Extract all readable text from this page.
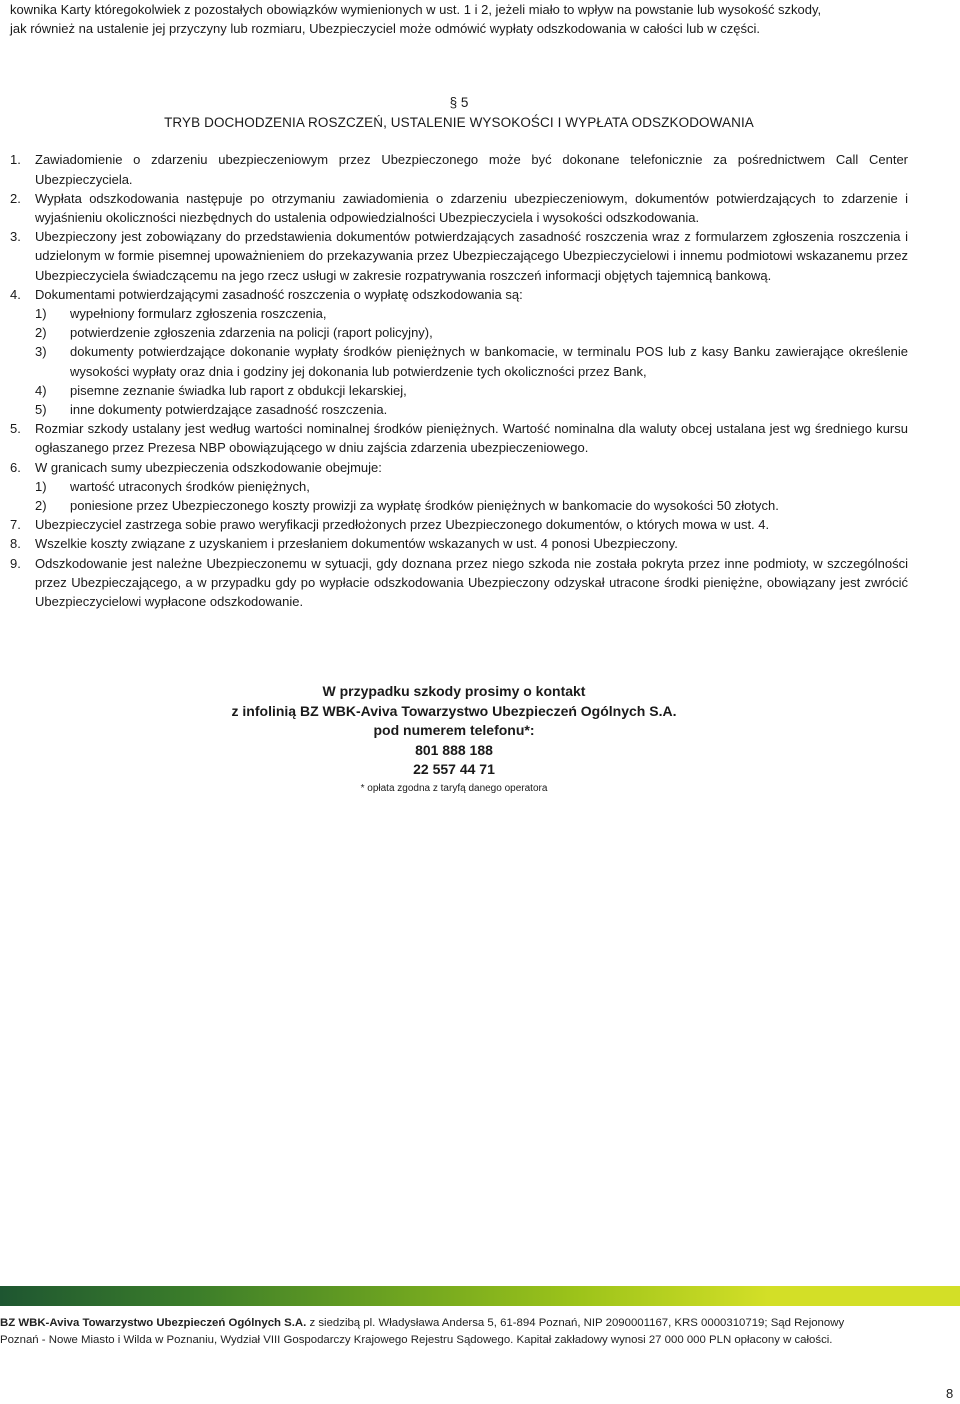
kownika Karty któregokolwiek z pozostałych obowiązków wymienionych w ust. 1 i 2, jeżeli miało to wpływ na powstanie lub wysokość szkody,

jak również na ustalenie jej przyczyny lub rozmiaru, Ubezpieczyciel może odmówić wypłaty odszkodowania w całości lub w części.

§ 5
TRYB DOCHODZENIA ROSZCZEŃ, USTALENIE WYSOKOŚCI I WYPŁATA ODSZKODOWANIA
1. Zawiadomienie o zdarzeniu ubezpieczeniowym przez Ubezpieczonego może być dokonane telefonicznie za pośrednictwem Call Center Ubezpieczyciela.
2. Wypłata odszkodowania następuje po otrzymaniu zawiadomienia o zdarzeniu ubezpieczeniowym, dokumentów potwierdzających to zdarzenie i wyjaśnieniu okoliczności niezbędnych do ustalenia odpowiedzialności Ubezpieczyciela i wysokości odszkodowania.
3. Ubezpieczony jest zobowiązany do przedstawienia dokumentów potwierdzających zasadność roszczenia wraz z formularzem zgłoszenia roszczenia i udzielonym w formie pisemnej upoważnieniem do przekazywania przez Ubezpieczającego Ubezpieczycielowi i innemu podmiotowi wskazanemu przez Ubezpieczyciela świadczącemu na jego rzecz usługi w zakresie rozpatrywania roszczeń informacji objętych tajemnicą bankową.
4. Dokumentami potwierdzającymi zasadność roszczenia o wypłatę odszkodowania są:
1) wypełniony formularz zgłoszenia roszczenia,
2) potwierdzenie zgłoszenia zdarzenia na policji (raport policyjny),
3) dokumenty potwierdzające dokonanie wypłaty środków pieniężnych w bankomacie, w terminalu POS lub z kasy Banku zawierające określenie wysokości wypłaty oraz dnia i godziny jej dokonania lub potwierdzenie tych okoliczności przez Bank,
4) pisemne zeznanie świadka lub raport z obdukcji lekarskiej,
5) inne dokumenty potwierdzające zasadność roszczenia.
5. Rozmiar szkody ustalany jest według wartości nominalnej środków pieniężnych. Wartość nominalna dla waluty obcej ustalana jest wg średniego kursu ogłaszanego przez Prezesa NBP obowiązującego w dniu zajścia zdarzenia ubezpieczeniowego.
6. W granicach sumy ubezpieczenia odszkodowanie obejmuje:
1) wartość utraconych środków pieniężnych,
2) poniesione przez Ubezpieczonego koszty prowizji za wypłatę środków pieniężnych w bankomacie do wysokości 50 złotych.
7. Ubezpieczyciel zastrzega sobie prawo weryfikacji przedłożonych przez Ubezpieczonego dokumentów, o których mowa w ust. 4.
8. Wszelkie koszty związane z uzyskaniem i przesłaniem dokumentów wskazanych w ust. 4 ponosi Ubezpieczony.
9. Odszkodowanie jest należne Ubezpieczonemu w sytuacji, gdy doznana przez niego szkoda nie została pokryta przez inne podmioty, w szczególności przez Ubezpieczającego, a w przypadku gdy po wypłacie odszkodowania Ubezpieczony odzyskał utracone środki pieniężne, obowiązany jest zwrócić Ubezpieczycielowi wypłacone odszkodowanie.
W przypadku szkody prosimy o kontakt
z infolinią BZ WBK-Aviva Towarzystwo Ubezpieczeń Ogólnych S.A.
pod numerem telefonu*:
801 888 188
22 557 44 71
* opłata zgodna z taryfą danego operatora
BZ WBK-Aviva Towarzystwo Ubezpieczeń Ogólnych S.A. z siedzibą pl. Władysława Andersa 5, 61-894 Poznań, NIP 2090001167, KRS 0000310719; Sąd Rejonowy
Poznań - Nowe Miasto i Wilda w Poznaniu, Wydział VIII Gospodarczy Krajowego Rejestru Sądowego. Kapitał zakładowy wynosi 27 000 000 PLN opłacony w całości.
8
